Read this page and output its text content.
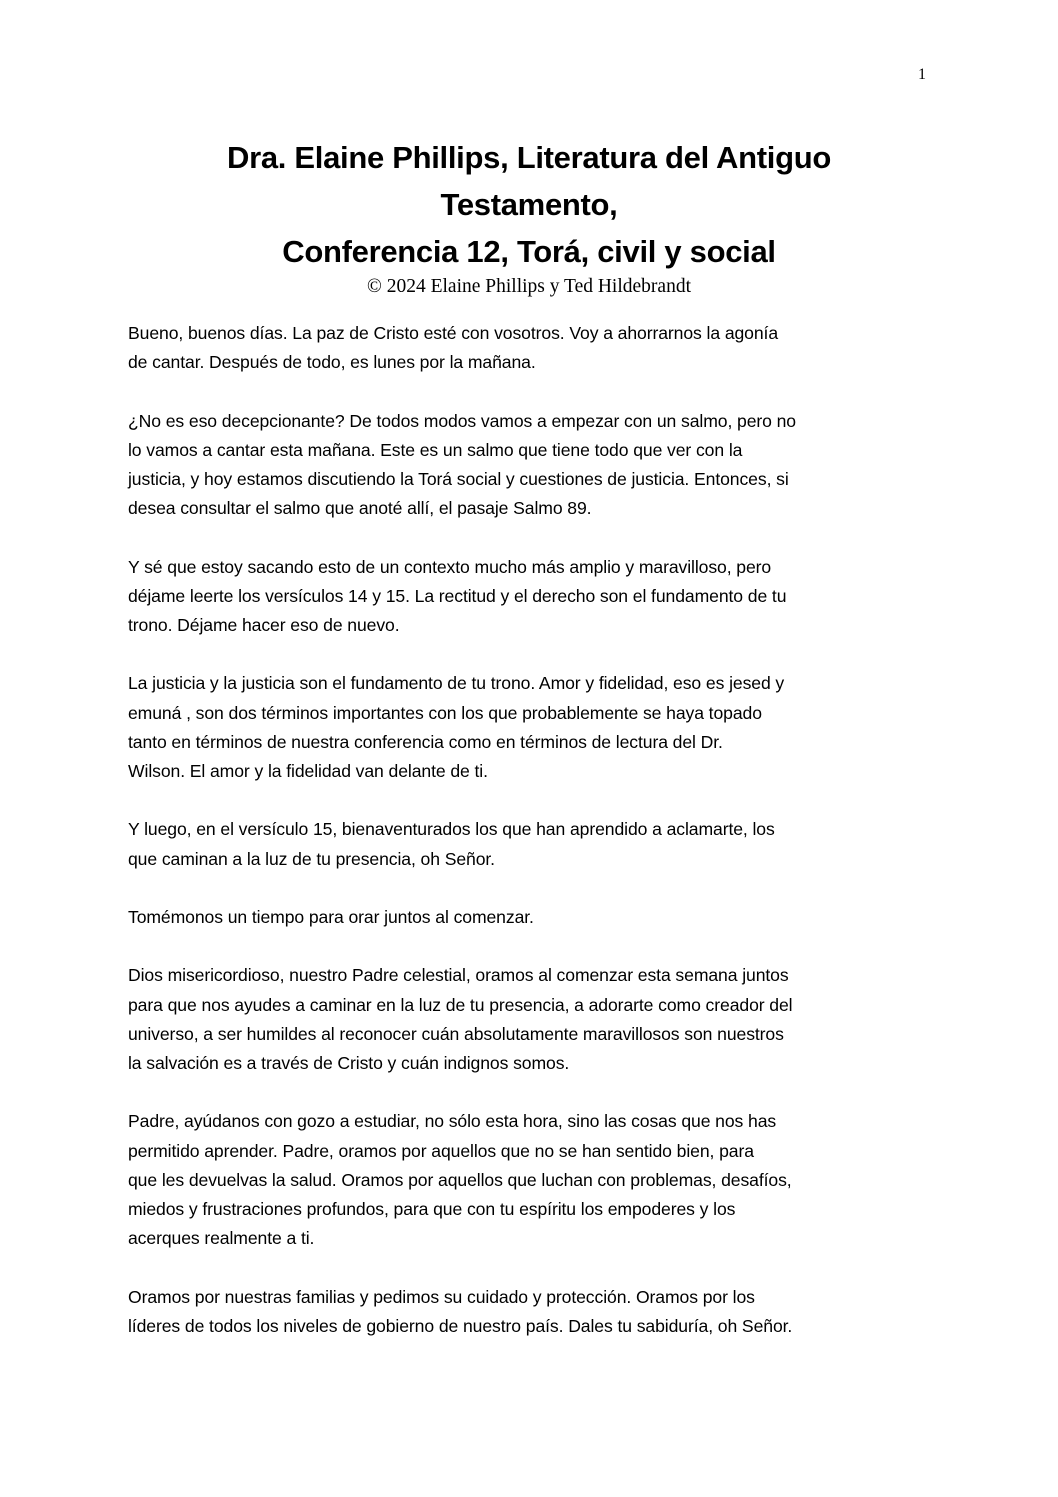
1
Dra. Elaine Phillips, Literatura del Antiguo
Testamento,
Conferencia 12, Torá, civil y social
© 2024 Elaine Phillips y Ted Hildebrandt

Bueno, buenos días. La paz de Cristo esté con vosotros. Voy a ahorrarnos la agonía
de cantar. Después de todo, es lunes por la mañana.

¿No es eso decepcionante? De todos modos vamos a empezar con un salmo, pero no
lo vamos a cantar esta mañana. Este es un salmo que tiene todo que ver con la
justicia, y hoy estamos discutiendo la Torá social y cuestiones de justicia. Entonces, si
desea consultar el salmo que anoté allí, el pasaje Salmo 89.

Y sé que estoy sacando esto de un contexto mucho más amplio y maravilloso, pero
déjame leerte los versículos 14 y 15. La rectitud y el derecho son el fundamento de tu
trono. Déjame hacer eso de nuevo.

La justicia y la justicia son el fundamento de tu trono. Amor y fidelidad, eso es jesed y
emuná , son dos términos importantes con los que probablemente se haya topado
tanto en términos de nuestra conferencia como en términos de lectura del Dr.
Wilson. El amor y la fidelidad van delante de ti.

Y luego, en el versículo 15, bienaventurados los que han aprendido a aclamarte, los
que caminan a la luz de tu presencia, oh Señor.

Tomémonos un tiempo para orar juntos al comenzar.

Dios misericordioso, nuestro Padre celestial, oramos al comenzar esta semana juntos
para que nos ayudes a caminar en la luz de tu presencia, a adorarte como creador del
universo, a ser humildes al reconocer cuán absolutamente maravillosos son nuestros
la salvación es a través de Cristo y cuán indignos somos.

Padre, ayúdanos con gozo a estudiar, no sólo esta hora, sino las cosas que nos has
permitido aprender. Padre, oramos por aquellos que no se han sentido bien, para
que les devuelvas la salud. Oramos por aquellos que luchan con problemas, desafíos,
miedos y frustraciones profundos, para que con tu espíritu los empoderes y los
acerques realmente a ti.

Oramos por nuestras familias y pedimos su cuidado y protección. Oramos por los
líderes de todos los niveles de gobierno de nuestro país. Dales tu sabiduría, oh Señor.
